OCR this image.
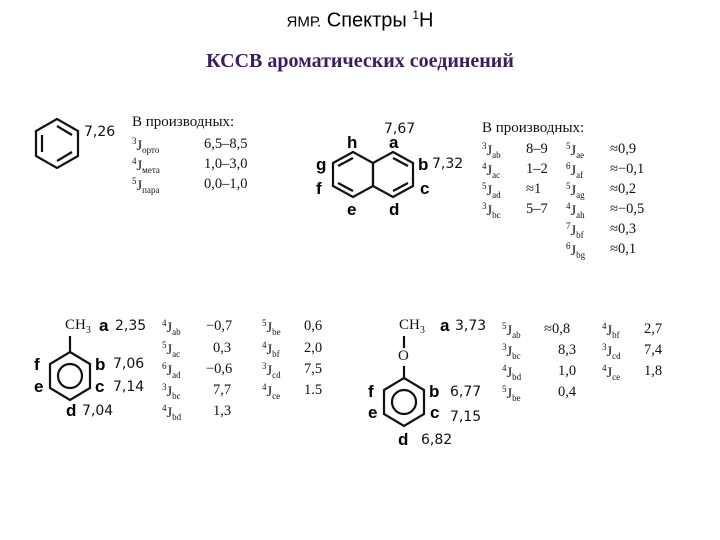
ЯМР. Спектры $^1$Н
КССВ ароматических соединений
7,26
В производных:
$^3J_{орто}$	6,5–8,5
$^4J_{мета}$	1,0–3,0
$^5J_{пара}$	0,0–1,0
7,67
h a
g	b 7,32
f	c
e d
В производных:
$^3J_{ab}$ 8–9
$^4J_{ac}$ 1–2
$^5J_{ad} \approx 1$
$^3J_{bc}$ 5–7
$^5J_{ae} \approx 0,9$
$^6J_{af} \approx-0,1$
$^5J_{ag} \approx 0,2$
$^4J_{ah} \approx-0,5$
$^7J_{bf} \approx 0,3$
$^6J_{bg} \approx 0,1$
$CH_3$ a 2,35
f	b 7,06
e	c 7,14
d 7,04
$^4J_{ab} -0,7$
$^5J_{ac}$ 0,3
$^6J_{ad} -0,6$
$^3J_{bc}$ 7,7
$^4J_{bd}$ 1,3
$^5J_{be}$ 0,6
$^4J_{bf}$ 2,0
$^3J_{cd}$ 7,5
$^4J_{ce}$ 1.5
$CH_3$ a 3,73
O
f	b 6,77
e	c 7,15
d 6,82
$^5J_{ab} \approx 0,8$
$^3J_{bc}$	8,3
$^4J_{bd}$	1,0
$^5J_{be}$	0,4
$^4J_{bf}$ 2,7
$^3J_{cd}$ 7,4
$^4J_{ce}$ 1,8
